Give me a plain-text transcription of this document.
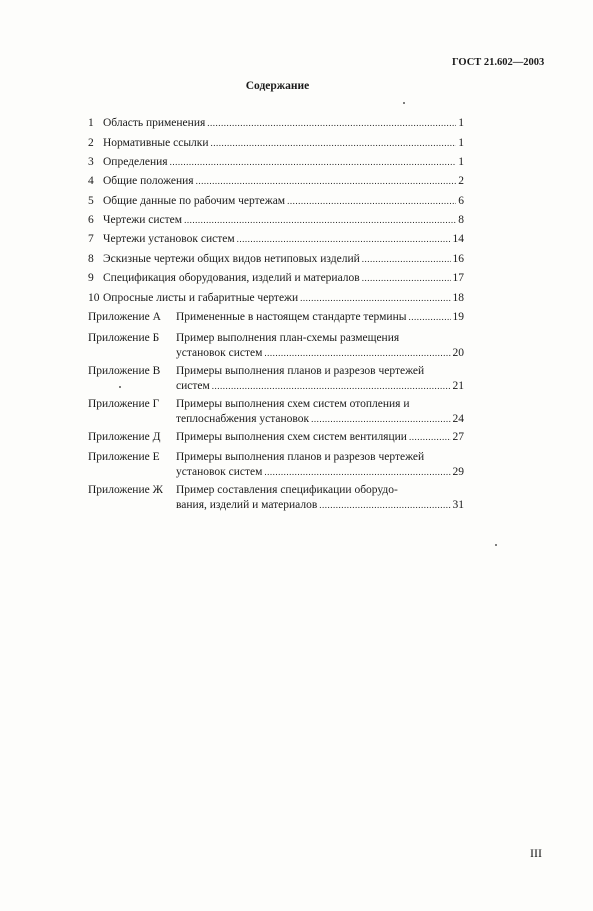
ГОСТ 21.602—2003
Содержание
1 Область применения .....	1
2 Нормативные ссылки .....	1
3 Определения .....	1
4 Общие положения .....	2
5 Общие данные по рабочим чертежам .....	6
6 Чертежи систем .....	8
7 Чертежи установок систем .....	14
8 Эскизные чертежи общих видов нетиповых изделий .....	16
9 Спецификация оборудования, изделий и материалов .....	17
10 Опросные листы и габаритные чертежи .....	18
Приложение А Примененные в настоящем стандарте термины .....	19
Приложение Б Пример выполнения план-схемы размещения
установок систем .....	20
Приложение В Примеры выполнения планов и разрезов чертежей
систем .....	21
Приложение Г Примеры выполнения схем систем отопления и
теплоснабжения установок .....	24
Приложение Д Примеры выполнения схем систем вентиляции .....	27
Приложение Е Примеры выполнения планов и разрезов чертежей
установок систем .....	29
Приложение Ж Пример составления спецификации оборудо-
вания, изделий и материалов .....	31
III
